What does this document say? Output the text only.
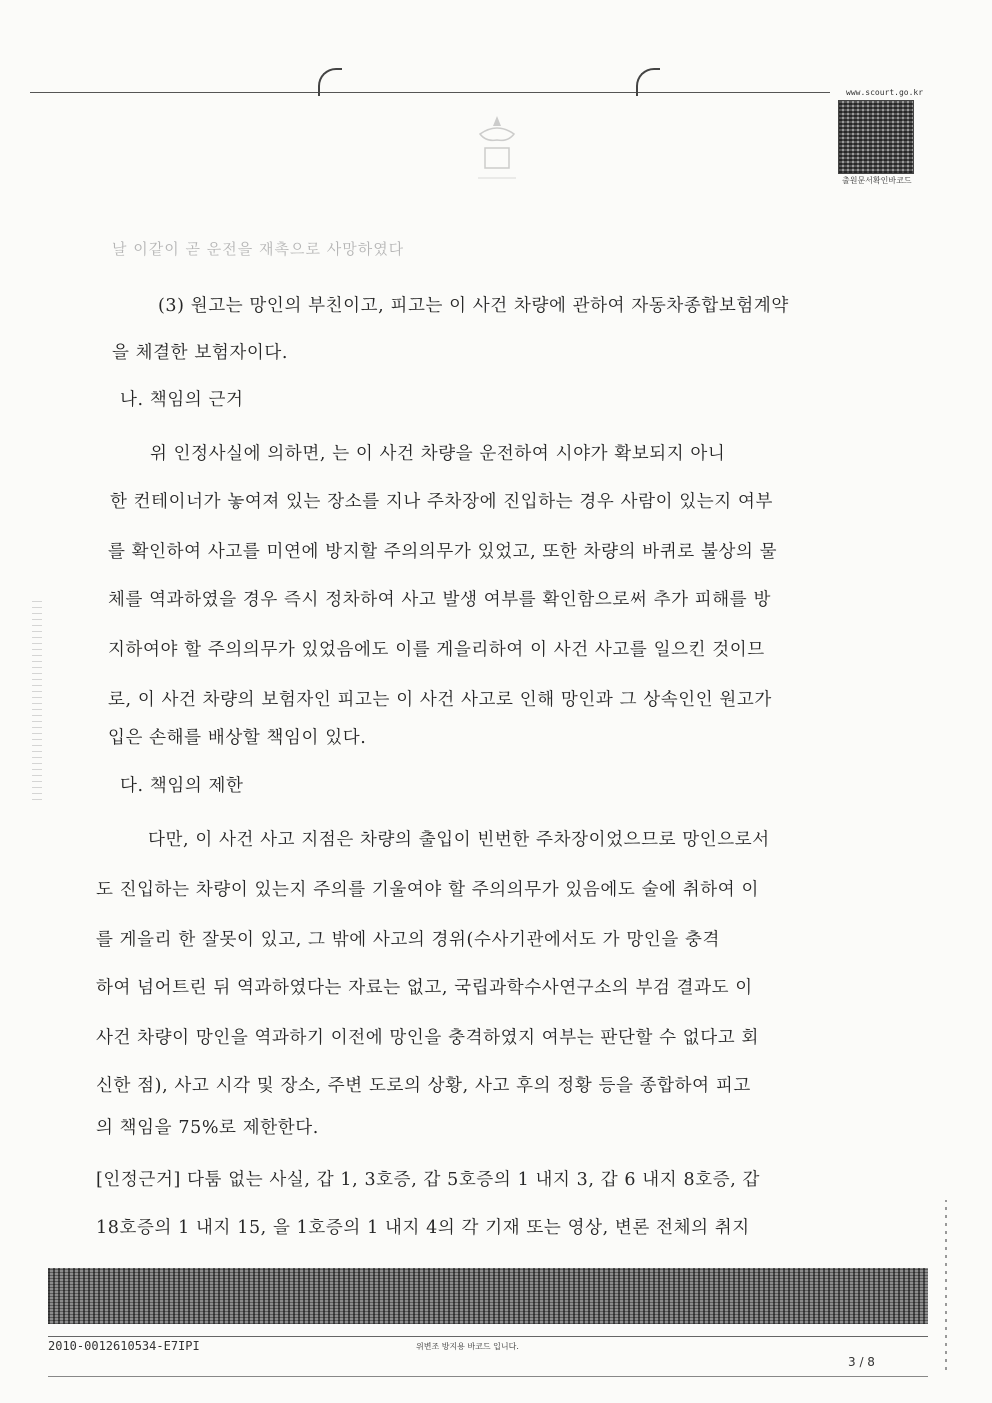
www.scourt.go.kr
출원문서확인바코드
날 이같이 곧 운전을 재촉으로 사망하였다
(3) 원고는 망인의 부친이고, 피고는 이 사건 차량에 관하여 자동차종합보험계약
을 체결한 보험자이다.
나. 책임의 근거
위 인정사실에 의하면, 는 이 사건 차량을 운전하여 시야가 확보되지 아니
한 컨테이너가 놓여져 있는 장소를 지나 주차장에 진입하는 경우 사람이 있는지 여부
를 확인하여 사고를 미연에 방지할 주의의무가 있었고, 또한 차량의 바퀴로 불상의 물
체를 역과하였을 경우 즉시 정차하여 사고 발생 여부를 확인함으로써 추가 피해를 방
지하여야 할 주의의무가 있었음에도 이를 게을리하여 이 사건 사고를 일으킨 것이므
로, 이 사건 차량의 보험자인 피고는 이 사건 사고로 인해 망인과 그 상속인인 원고가
입은 손해를 배상할 책임이 있다.
다. 책임의 제한
다만, 이 사건 사고 지점은 차량의 출입이 빈번한 주차장이었으므로 망인으로서
도 진입하는 차량이 있는지 주의를 기울여야 할 주의의무가 있음에도 술에 취하여 이
를 게을리 한 잘못이 있고, 그 밖에 사고의 경위(수사기관에서도 가 망인을 충격
하여 넘어트린 뒤 역과하였다는 자료는 없고, 국립과학수사연구소의 부검 결과도 이
사건 차량이 망인을 역과하기 이전에 망인을 충격하였지 여부는 판단할 수 없다고 회
신한 점), 사고 시각 및 장소, 주변 도로의 상황, 사고 후의 정황 등을 종합하여 피고
의 책임을 75%로 제한한다.
[인정근거] 다툼 없는 사실, 갑 1, 3호증, 갑 5호증의 1 내지 3, 갑 6 내지 8호증, 갑
18호증의 1 내지 15, 을 1호증의 1 내지 4의 각 기재 또는 영상, 변론 전체의 취지
2010-0012610534-E7IPI	위변조 방지용 바코드 입니다.
3 / 8
